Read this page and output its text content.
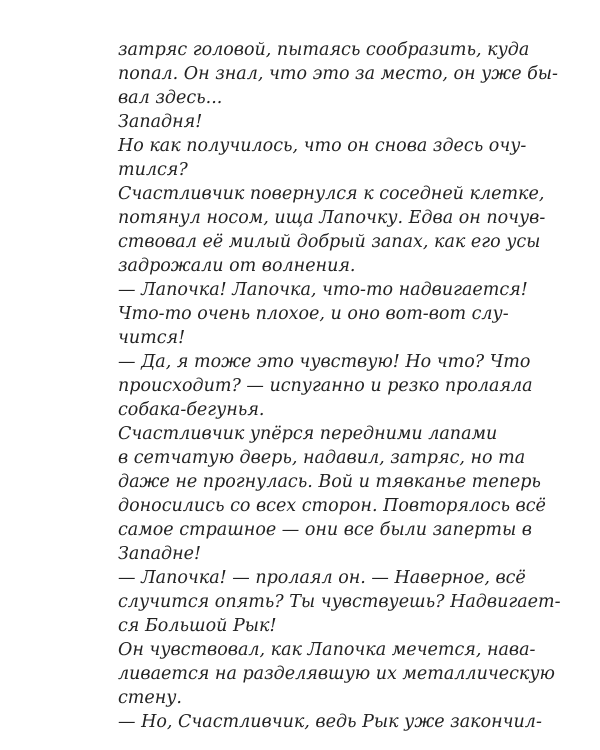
затряс головой, пытаясь сообразить, куда
попал. Он знал, что это за место, он уже бы-
вал здесь...
Западня!
Но как получилось, что он снова здесь очу-
тился?
Счастливчик повернулся к соседней клетке,
потянул носом, ища Лапочку. Едва он почув-
ствовал её милый добрый запах, как его усы
задрожали от волнения.
— Лапочка! Лапочка, что-то надвигается!
Что-то очень плохое, и оно вот-вот слу-
чится!
— Да, я тоже это чувствую! Но что? Что
происходит? — испуганно и резко пролаяла
собака-бегунья.
Счастливчик упёрся передними лапами
в сетчатую дверь, надавил, затряс, но та
даже не прогнулась. Вой и тявканье теперь
доносились со всех сторон. Повторялось всё
самое страшное — они все были заперты в
Западне!
— Лапочка! — пролаял он. — Наверное, всё
случится опять? Ты чувствуешь? Надвигает-
ся Большой Рык!
Он чувствовал, как Лапочка мечется, нава-
ливается на разделявшую их металлическую
стену.
— Но, Счастливчик, ведь Рык уже закончил-
